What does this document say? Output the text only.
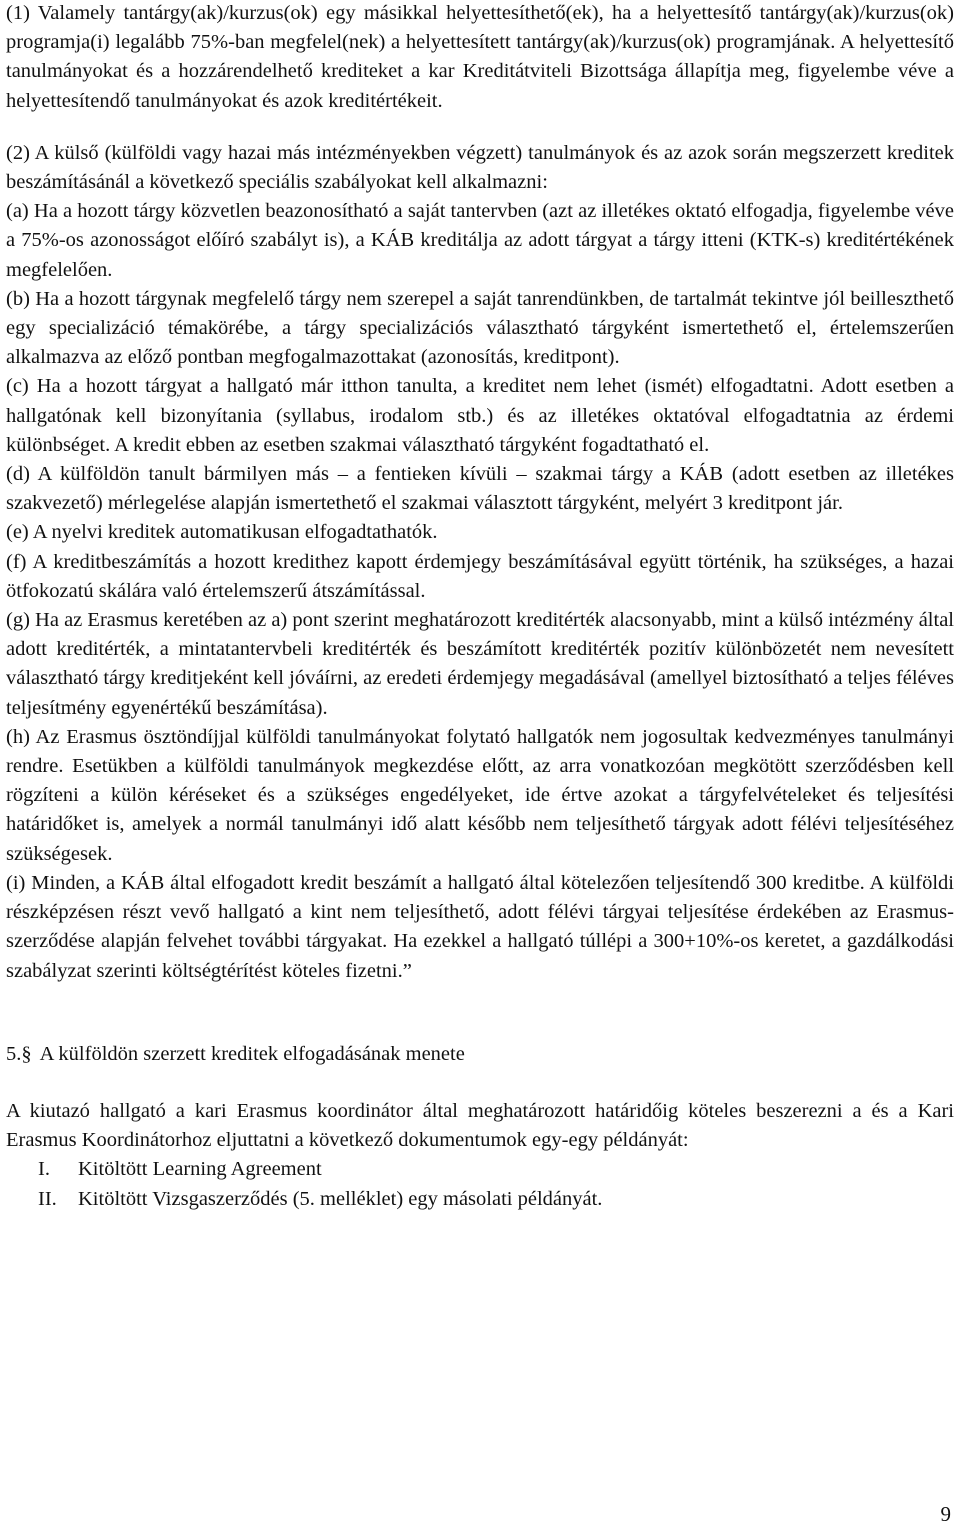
(1) Valamely tantárgy(ak)/kurzus(ok) egy másikkal helyettesíthető(ek), ha a helyettesítő tantárgy(ak)/kurzus(ok) programja(i) legalább 75%-ban megfelel(nek) a helyettesített tantárgy(ak)/kurzus(ok) programjának. A helyettesítő tanulmányokat és a hozzárendelhető krediteket a kar Kreditátviteli Bizottsága állapítja meg, figyelembe véve a helyettesítendő tanulmányokat és azok kreditértékeit.

(2) A külső (külföldi vagy hazai más intézményekben végzett) tanulmányok és az azok során megszerzett kreditek beszámításánál a következő speciális szabályokat kell alkalmazni:

(a) Ha a hozott tárgy közvetlen beazonosítható a saját tantervben (azt az illetékes oktató elfogadja, figyelembe véve a 75%-os azonosságot előíró szabályt is), a KÁB kreditálja az adott tárgyat a tárgy itteni (KTK-s) kreditértékének megfelelően.

(b) Ha a hozott tárgynak megfelelő tárgy nem szerepel a saját tanrendünkben, de tartalmát tekintve jól beilleszthető egy specializáció témakörébe, a tárgy specializációs választható tárgyként ismertethető el, értelemszerűen alkalmazva az előző pontban megfogalmazottakat (azonosítás, kreditpont).

(c) Ha a hozott tárgyat a hallgató már itthon tanulta, a kreditet nem lehet (ismét) elfogadtatni. Adott esetben a hallgatónak kell bizonyítania (syllabus, irodalom stb.) és az illetékes oktatóval elfogadtatnia az érdemi különbséget. A kredit ebben az esetben szakmai választható tárgyként fogadtatható el.

(d) A külföldön tanult bármilyen más – a fentieken kívüli – szakmai tárgy a KÁB (adott esetben az illetékes szakvezető) mérlegelése alapján ismertethető el szakmai választott tárgyként, melyért 3 kreditpont jár.

(e) A nyelvi kreditek automatikusan elfogadtathatók.

(f) A kreditbeszámítás a hozott kredithez kapott érdemjegy beszámításával együtt történik, ha szükséges, a hazai ötfokozatú skálára való értelemszerű átszámítással.

(g) Ha az Erasmus keretében az a) pont szerint meghatározott kreditérték alacsonyabb, mint a külső intézmény által adott kreditérték, a mintatantervbeli kreditérték és beszámított kreditérték pozitív különbözetét nem nevesített választható tárgy kreditjeként kell jóváírni, az eredeti érdemjegy megadásával (amellyel biztosítható a teljes féléves teljesítmény egyenértékű beszámítása).

(h) Az Erasmus ösztöndíjjal külföldi tanulmányokat folytató hallgatók nem jogosultak kedvezményes tanulmányi rendre. Esetükben a külföldi tanulmányok megkezdése előtt, az arra vonatkozóan megkötött szerződésben kell rögzíteni a külön kéréseket és a szükséges engedélyeket, ide értve azokat a tárgyfelvételeket és teljesítési határidőket is, amelyek a normál tanulmányi idő alatt később nem teljesíthető tárgyak adott félévi teljesítéséhez szükségesek.

(i) Minden, a KÁB által elfogadott kredit beszámít a hallgató által kötelezően teljesítendő 300 kreditbe. A külföldi részképzésen részt vevő hallgató a kint nem teljesíthető, adott félévi tárgyai teljesítése érdekében az Erasmus-szerződése alapján felvehet további tárgyakat. Ha ezekkel a hallgató túllépi a 300+10%-os keretet, a gazdálkodási szabályzat szerinti költségtérítést köteles fizetni.”

5.§ A külföldön szerzett kreditek elfogadásának menete

A kiutazó hallgató a kari Erasmus koordinátor által meghatározott határidőig köteles beszerezni a és a Kari Erasmus Koordinátorhoz eljuttatni a következő dokumentumok egy-egy példányát:

I.	Kitöltött Learning Agreement
II.	Kitöltött Vizsgaszerződés (5. melléklet) egy másolati példányát.
9
